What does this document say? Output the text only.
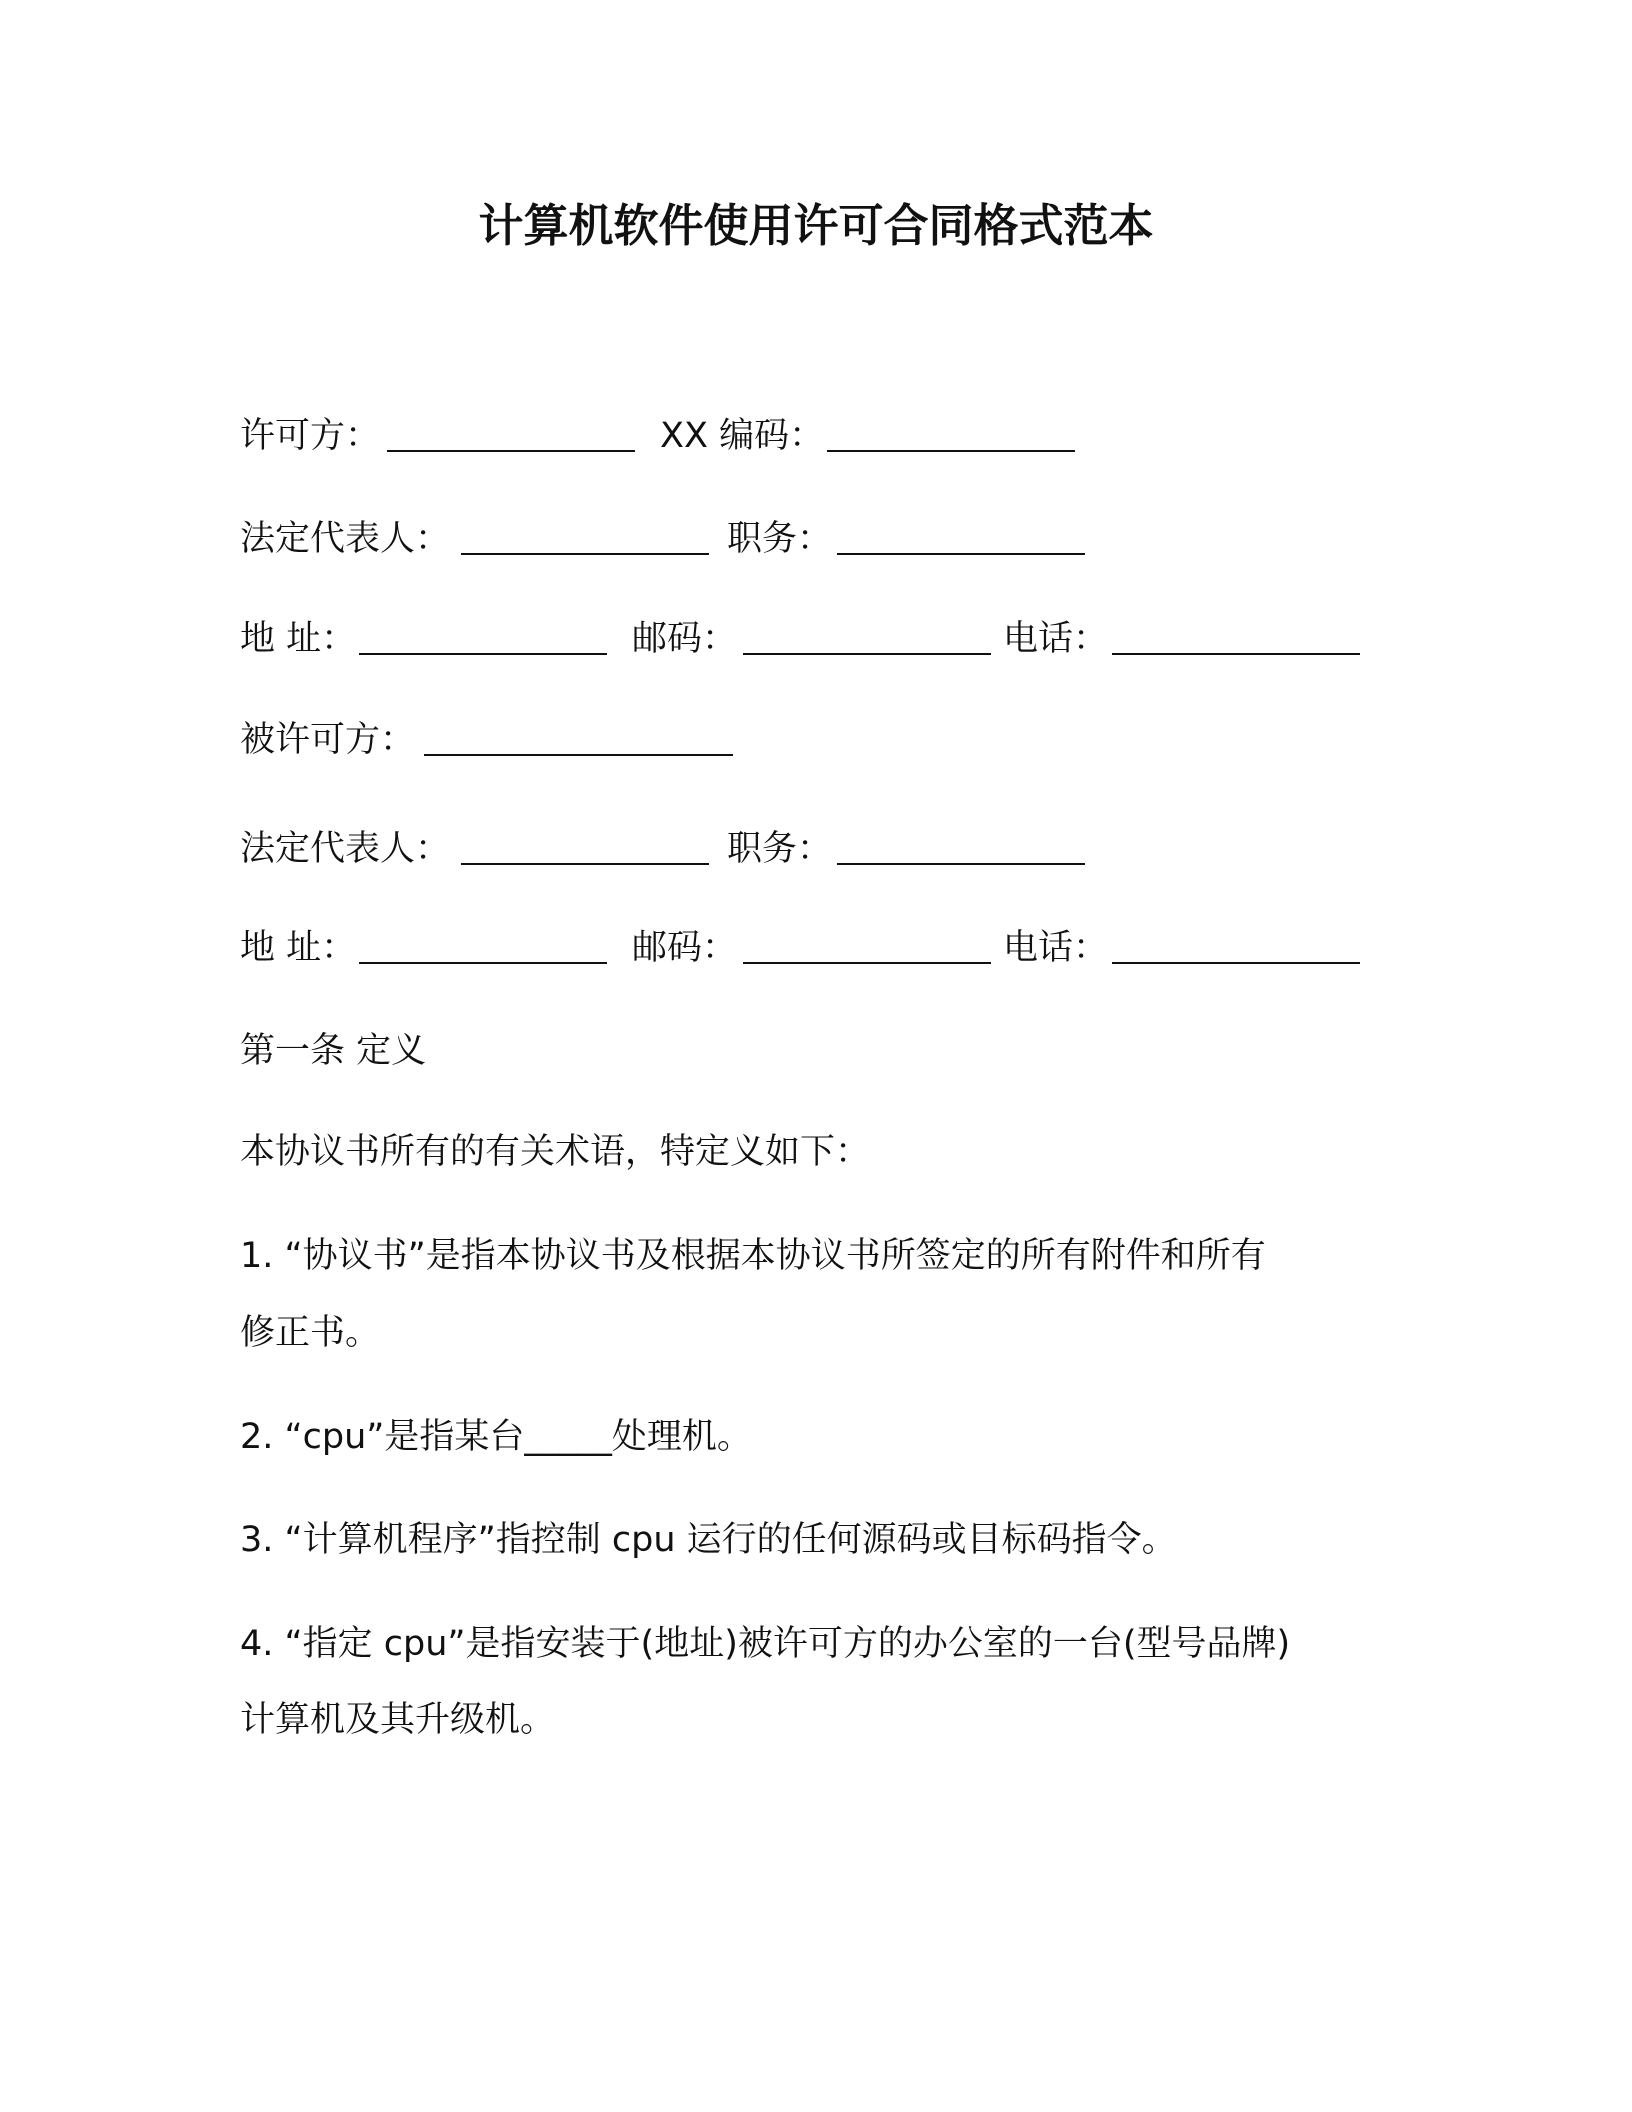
计算机软件使用许可合同格式范本
许可方：	XX 编码：
法定代表人：	职务：
地 址：	邮码：	电话：
被许可方：
法定代表人：	职务：
地 址：	邮码：	电话：
第一条 定义
本协议书所有的有关术语，特定义如下：
1. “协议书”是指本协议书及根据本协议书所签定的所有附件和所有
修正书。
2. “cpu”是指某台_____处理机。
3. “计算机程序”指控制 cpu 运行的任何源码或目标码指令。
4. “指定 cpu”是指安装于(地址)被许可方的办公室的一台(型号品牌)
计算机及其升级机。
